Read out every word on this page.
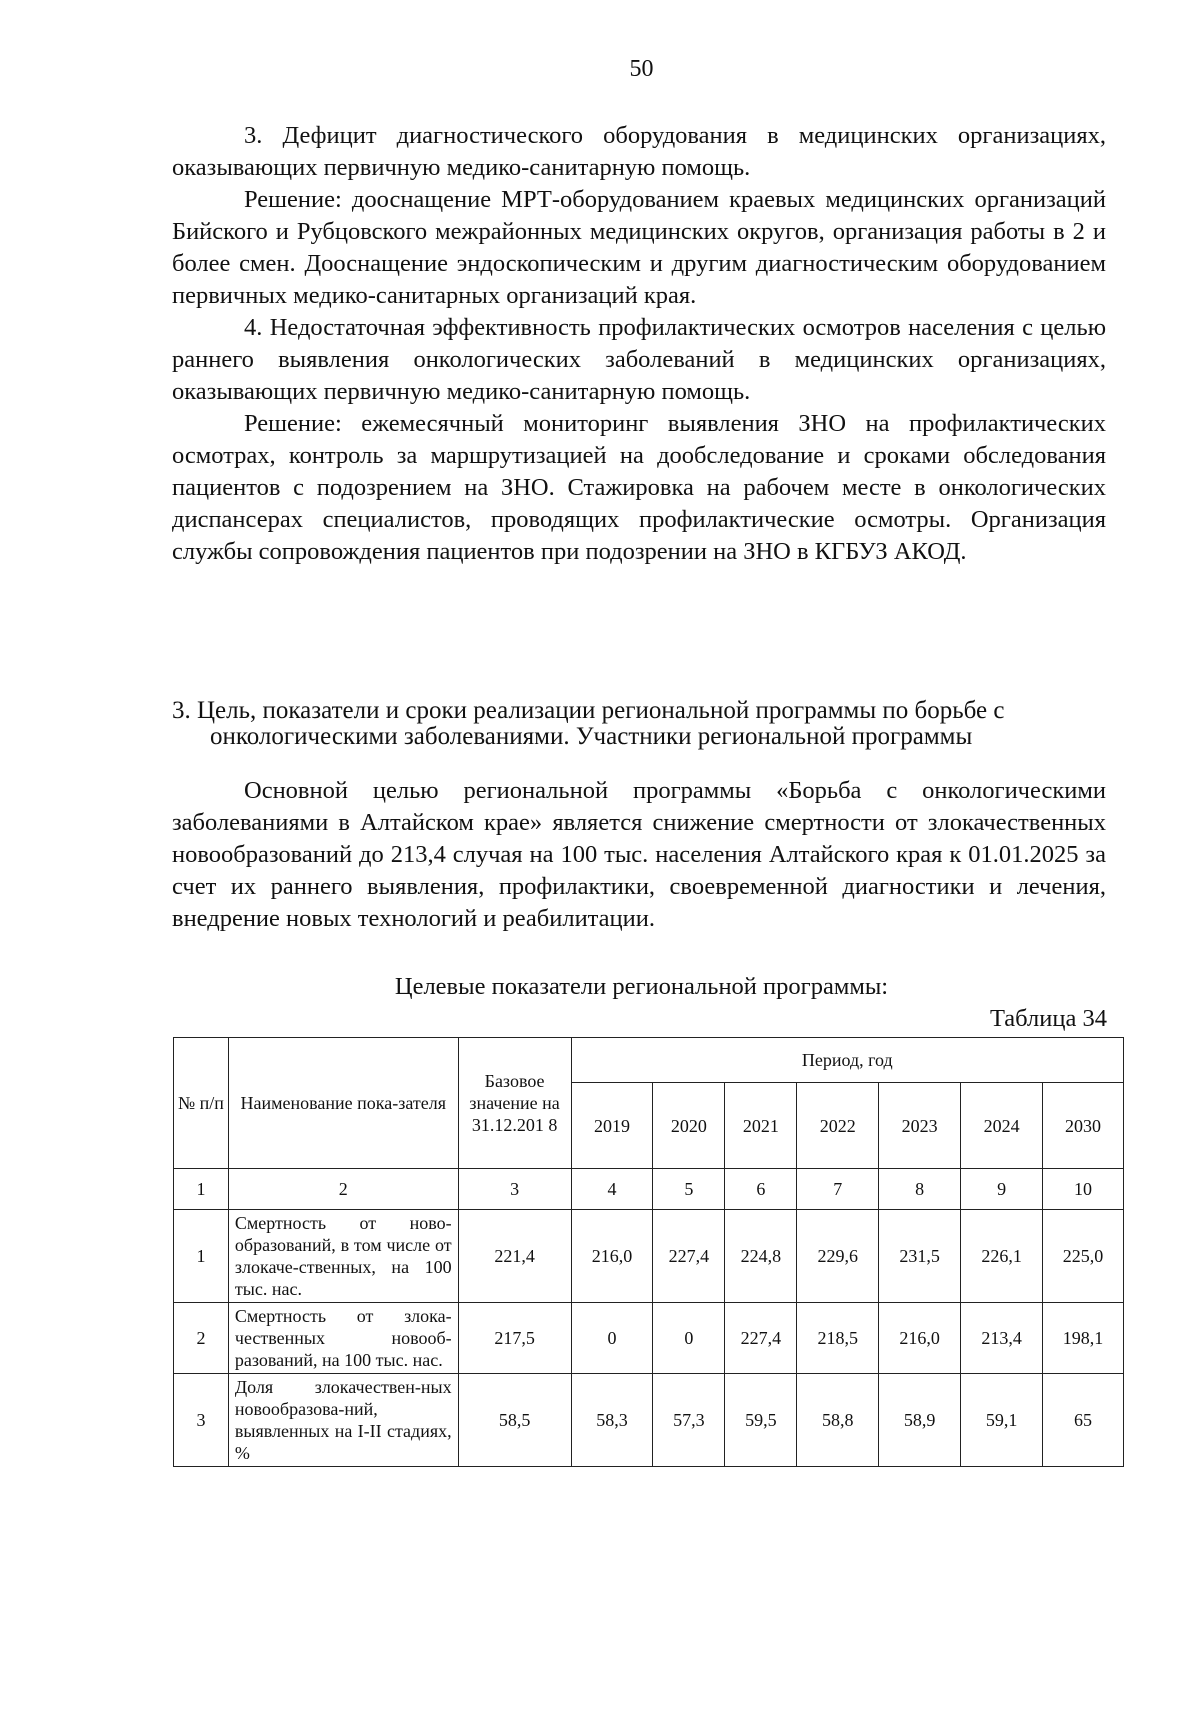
50

3. Дефицит диагностического оборудования в медицинских организациях, оказывающих первичную медико-санитарную помощь.

Решение: дооснащение МРТ-оборудованием краевых медицинских организаций Бийского и Рубцовского межрайонных медицинских округов, организация работы в 2 и более смен. Дооснащение эндоскопическим и другим диагностическим оборудованием первичных медико-санитарных организаций края.

4. Недостаточная эффективность профилактических осмотров населения с целью раннего выявления онкологических заболеваний в медицинских организациях, оказывающих первичную медико-санитарную помощь.

Решение: ежемесячный мониторинг выявления ЗНО на профилактических осмотрах, контроль за маршрутизацией на дообследование и сроками обследования пациентов с подозрением на ЗНО. Стажировка на рабочем месте в онкологических диспансерах специалистов, проводящих профилактические осмотры. Организация службы сопровождения пациентов при подозрении на ЗНО в КГБУЗ АКОД.

3. Цель, показатели и сроки реализации региональной программы по борьбе с
онкологическими заболеваниями. Участники региональной программы

Основной целью региональной программы «Борьба с онкологическими заболеваниями в Алтайском крае» является снижение смертности от злокачественных новообразований до 213,4 случая на 100 тыс. населения Алтайского края к 01.01.2025 за счет их раннего выявления, профилактики, своевременной диагностики и лечения, внедрение новых технологий и реабилитации.

Целевые показатели региональной программы:
Таблица 34
№ п/п	Наименование пока-зателя	Базовое значение на 31.12.201 8	Период, год						
			2019	2020	2021	2022	2023	2024	2030
1	2	3	4	5	6	7	8	9	10
1	Смертность от ново-образований, в том числе от злокаче-ственных, на 100 тыс. нас.	221,4	216,0	227,4	224,8	229,6	231,5	226,1	225,0
2	Смертность от злока-чественных новооб-разований, на 100 тыс. нас.	217,5	0	0	227,4	218,5	216,0	213,4	198,1
3	Доля злокачествен-ных новообразова-ний, выявленных на I-II стадиях, %	58,5	58,3	57,3	59,5	58,8	58,9	59,1	65
